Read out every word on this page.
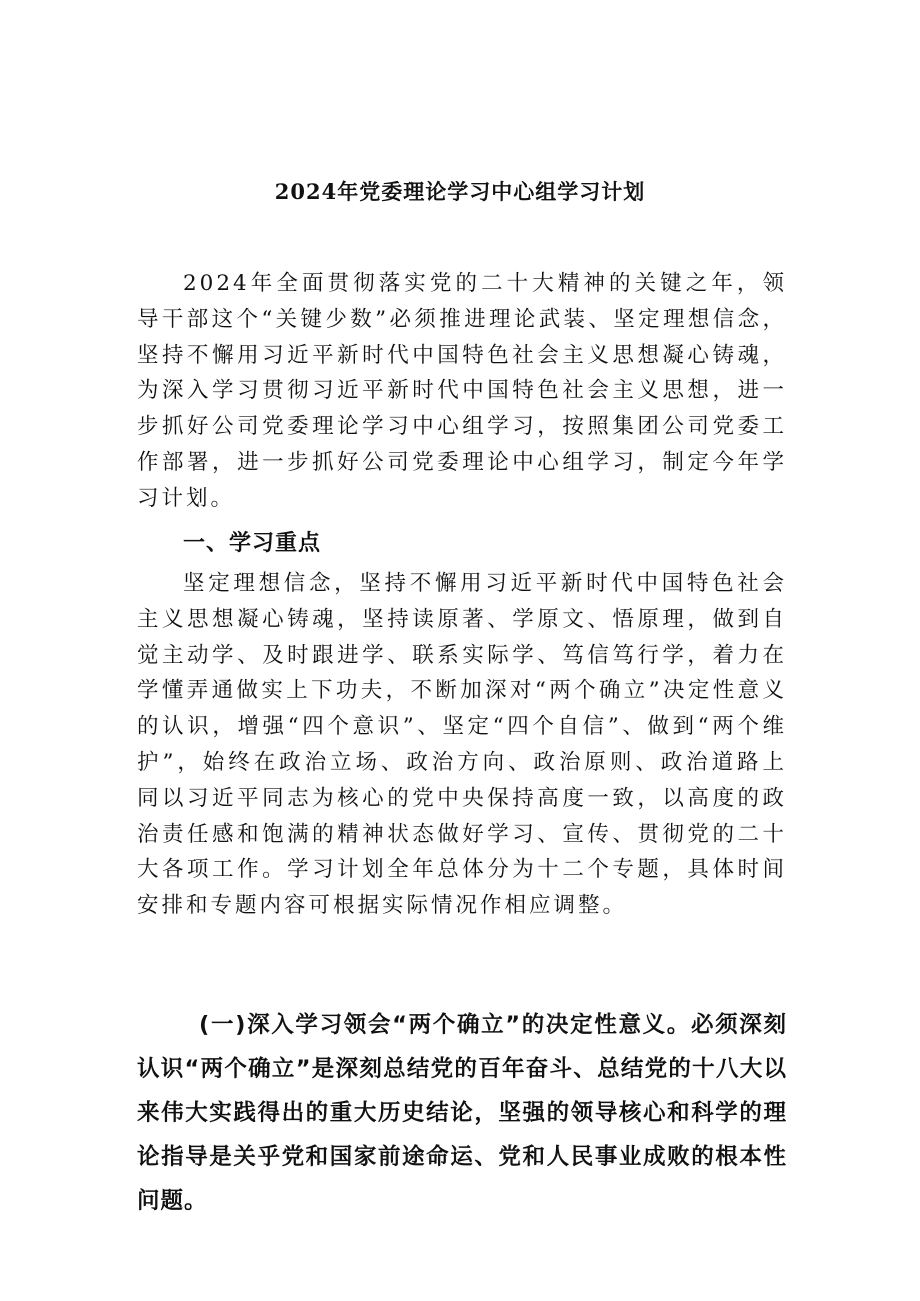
2024年党委理论学习中心组学习计划

2024年全面贯彻落实党的二十大精神的关键之年，领导干部这个“关键少数”必须推进理论武装、坚定理想信念，坚持不懈用习近平新时代中国特色社会主义思想凝心铸魂，为深入学习贯彻习近平新时代中国特色社会主义思想，进一步抓好公司党委理论学习中心组学习，按照集团公司党委工作部署，进一步抓好公司党委理论中心组学习，制定今年学习计划。

一、学习重点

坚定理想信念，坚持不懈用习近平新时代中国特色社会主义思想凝心铸魂，坚持读原著、学原文、悟原理，做到自觉主动学、及时跟进学、联系实际学、笃信笃行学，着力在学懂弄通做实上下功夫，不断加深对“两个确立”决定性意义的认识，增强“四个意识”、坚定“四个自信”、做到“两个维护”，始终在政治立场、政治方向、政治原则、政治道路上同以习近平同志为核心的党中央保持高度一致，以高度的政治责任感和饱满的精神状态做好学习、宣传、贯彻党的二十大各项工作。学习计划全年总体分为十二个专题，具体时间安排和专题内容可根据实际情况作相应调整。

(一)深入学习领会“两个确立”的决定性意义。必须深刻认识“两个确立”是深刻总结党的百年奋斗、总结党的十八大以来伟大实践得出的重大历史结论，坚强的领导核心和科学的理论指导是关乎党和国家前途命运、党和人民事业成败的根本性问题。
